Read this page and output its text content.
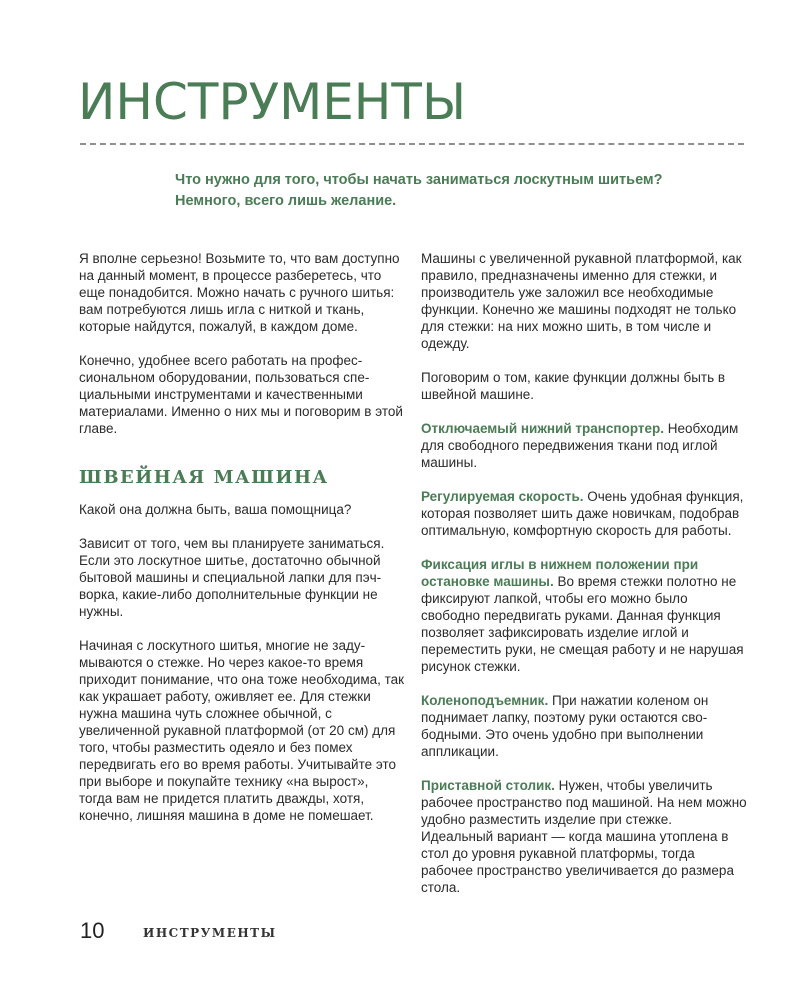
ИНСТРУМЕНТЫ

Что нужно для того, чтобы начать заниматься лоскутным шитьем?

Немного, всего лишь желание.

Я вполне серьезно! Возьмите то, что вам доступно на данный момент, в процессе разберетесь, что еще понадобится. Можно начать с ручного шитья: вам потребуются лишь игла с ниткой и ткань, которые найдутся, пожалуй, в каждом доме.

Конечно, удобнее всего работать на профессиональном оборудовании, пользоваться специальными инструментами и качественными материалами. Именно о них мы и поговорим в этой главе.

ШВЕЙНАЯ МАШИНА

Какой она должна быть, ваша помощница?

Зависит от того, чем вы планируете заниматься. Если это лоскутное шитье, достаточно обычной бытовой машины и специальной лапки для пэчворка, какие-либо дополнительные функции не нужны.

Начиная с лоскутного шитья, многие не задумываются о стежке. Но через какое-то время приходит понимание, что она тоже необходима, так как украшает работу, оживляет ее. Для стежки нужна машина чуть сложнее обычной, с увеличенной рукавной платформой (от 20 см) для того, чтобы разместить одеяло и без помех передвигать его во время работы. Учитывайте это при выборе и покупайте технику «на вырост», тогда вам не придется платить дважды, хотя, конечно, лишняя машина в доме не помешает.

Машины с увеличенной рукавной платформой, как правило, предназначены именно для стежки, и производитель уже заложил все необходимые функции. Конечно же машины подходят не только для стежки: на них можно шить, в том числе и одежду.

Поговорим о том, какие функции должны быть в швейной машине.

Отключаемый нижний транспортер. Необходим для свободного передвижения ткани под иглой машины.

Регулируемая скорость. Очень удобная функция, которая позволяет шить даже новичкам, подобрав оптимальную, комфортную скорость для работы.

Фиксация иглы в нижнем положении при остановке машины. Во время стежки полотно не фиксируют лапкой, чтобы его можно было свободно передвигать руками. Данная функция позволяет зафиксировать изделие иглой и переместить руки, не смещая работу и не нарушая рисунок стежки.

Коленоподъемник. При нажатии коленом он поднимает лапку, поэтому руки остаются свободными. Это очень удобно при выполнении аппликации.

Приставной столик. Нужен, чтобы увеличить рабочее пространство под машиной. На нем можно удобно разместить изделие при стежке. Идеальный вариант — когда машина утоплена в стол до уровня рукавной платформы, тогда рабочее пространство увеличивается до размера стола.

10	ИНСТРУМЕНТЫ
